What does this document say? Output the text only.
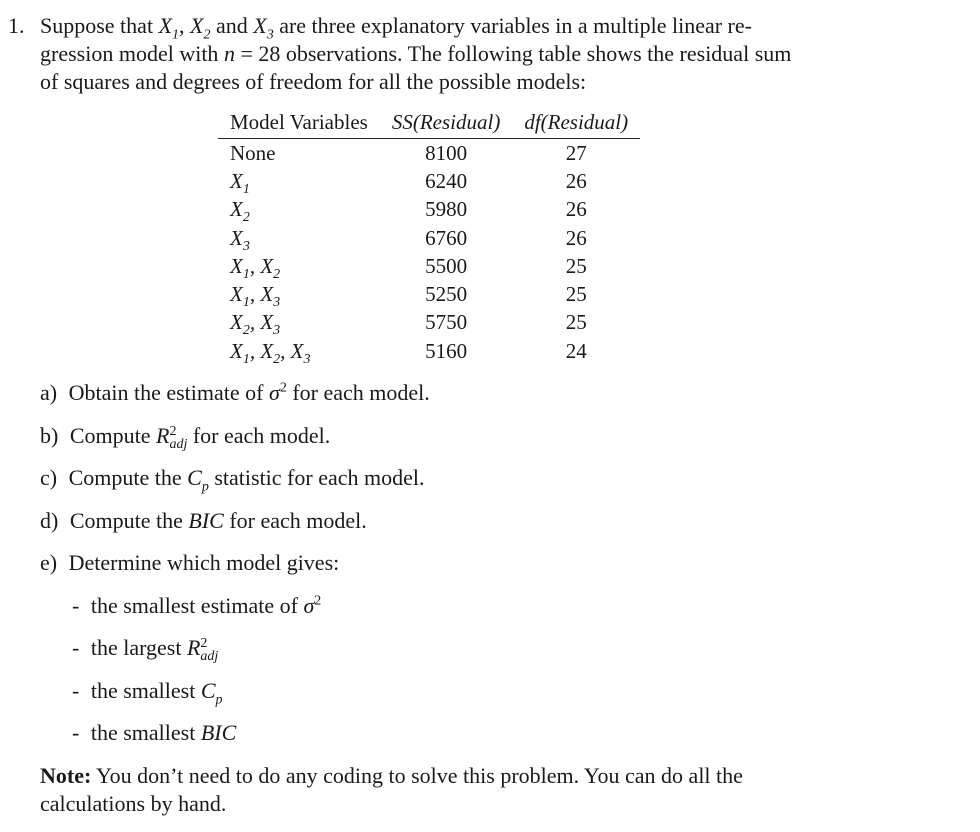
1. Suppose that $X_1$, $X_2$ and $X_3$ are three explanatory variables in a multiple linear re-
gression model with n = 28 observations. The following table shows the residual sum
of squares and degrees of freedom for all the possible models:
Model Variables	SS(Residual)	df(Residual)
None	8100	27
$X_1$	6240	26
$X_2$	5980	26
$X_3$	6760	26
$X_1$, $X_2$	5500	25
$X_1$, $X_3$	5250	25
$X_2$, $X_3$	5750	25
$X_1$, $X_2$, $X_3$	5160	24
a) Obtain the estimate of $\sigma^2$ for each model.
b) Compute R 2
adj for each model.
c) Compute the $C_p$ statistic for each model.
d) Compute the BIC for each model.
e) Determine which model gives:
- the smallest estimate of $\sigma^2$
- the largest R 2
adj
- the smallest $C_p$
- the smallest BIC
Note: You don’t need to do any coding to solve this problem. You can do all the
calculations by hand.
